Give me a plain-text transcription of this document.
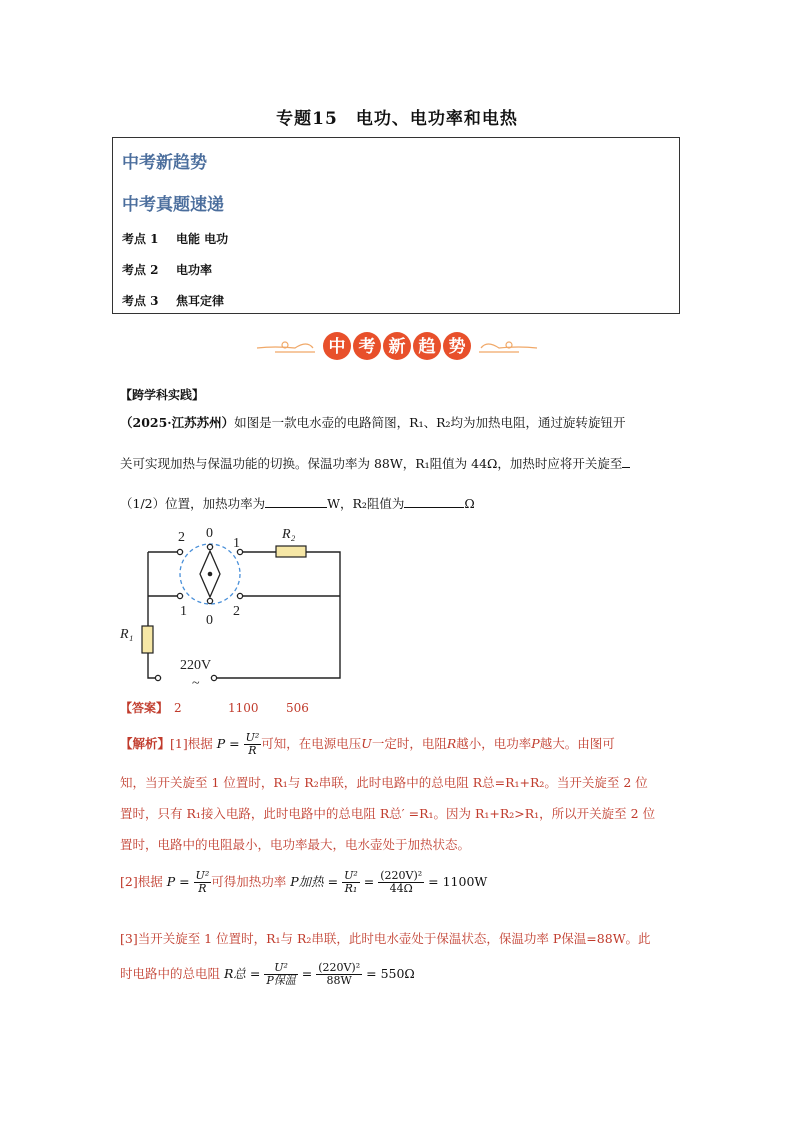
专题15　电功、电功率和电热
中考新趋势
中考真题速递
考点 1 电能 电功
考点 2 电功率
考点 3 焦耳定律
中 考 新 趋 势
【跨学科实践】
（2025·江苏苏州）如图是一款电水壶的电路简图，R₁、R₂均为加热电阻，通过旋转旋钮开
关可实现加热与保温功能的切换。保温功率为 88W，R₁阻值为 44Ω，加热时应将开关旋至
（1/2）位置，加热功率为	W，R₂阻值为	Ω
2 0
1
1
0
2
R₂
R₁
220V
~
【答案】 2	1100 506
【解析】[1]根据 $P = \frac{\text{U²}}{R}$ 可知，在电源电压U一定时，电阻R越小，电功率P越大。由图可
知，当开关旋至 1 位置时，R₁与 R₂串联，此时电路中的总电阻 R总=R₁+R₂。当开关旋至 2 位
置时，只有 R₁接入电路，此时电路中的总电阻 R总′ =R₁。因为 R₁+R₂>R₁，所以开关旋至 2 位
置时，电路中的电阻最小，电功率最大，电水壶处于加热状态。
[2]根据 $P = \frac{\text{U²}}{R}$ 可得加热功率 P加热 = $\frac{\text{U²}}{\text{R₁}} = \frac{\text{(220V)²}}{44\Omega} = 1100W$
[3]当开关旋至 1 位置时，R₁与 R₂串联，此时电水壶处于保温状态，保温功率 P保温=88W。此
时电路中的总电阻 R总 = $\frac{\text{U²}}{\text{P保温}} = \frac{\text{(220V)²}}{88W} = 550\Omega$
